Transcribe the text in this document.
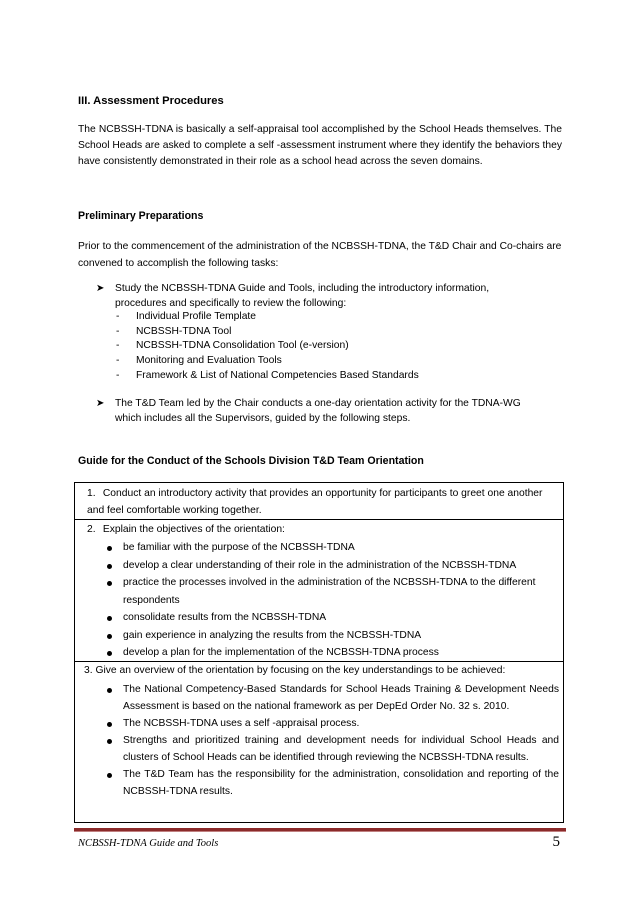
III. Assessment Procedures
The NCBSSH-TDNA is basically a self-appraisal tool accomplished by the School Heads themselves. The School Heads are asked to complete a self -assessment instrument where they identify the behaviors they have consistently demonstrated in their role as a school head across the seven domains.
Preliminary Preparations
Prior to the commencement of the administration of the NCBSSH-TDNA, the T&D Chair and Co-chairs are convened to accomplish the following tasks:
➤	Study the NCBSSH-TDNA Guide and Tools, including the introductory information, procedures and specifically to review the following:
- Individual Profile Template
- NCBSSH-TDNA Tool
- NCBSSH-TDNA Consolidation Tool (e-version)
- Monitoring and Evaluation Tools
- Framework & List of National Competencies Based Standards
➤	The T&D Team led by the Chair conducts a one-day orientation activity for the TDNA-WG which includes all the Supervisors, guided by the following steps.
Guide for the Conduct of the Schools Division T&D Team Orientation
1. Conduct an introductory activity that provides an opportunity for participants to greet one another and feel comfortable working together.
2. Explain the objectives of the orientation:
be familiar with the purpose of the NCBSSH-TDNA
develop a clear understanding of their role in the administration of the NCBSSH-TDNA
practice the processes involved in the administration of the NCBSSH-TDNA to the different respondents
consolidate results from the NCBSSH-TDNA
gain experience in analyzing the results from the NCBSSH-TDNA
develop a plan for the implementation of the NCBSSH-TDNA process
3. Give an overview of the orientation by focusing on the key understandings to be achieved:
The National Competency-Based Standards for School Heads Training & Development Needs Assessment is based on the national framework as per DepEd Order No. 32 s. 2010.
The NCBSSH-TDNA uses a self -appraisal process.
Strengths and prioritized training and development needs for individual School Heads and clusters of School Heads can be identified through reviewing the NCBSSH-TDNA results.
The T&D Team has the responsibility for the administration, consolidation and reporting of the NCBSSH-TDNA results.
NCBSSH-TDNA Guide and Tools	5
